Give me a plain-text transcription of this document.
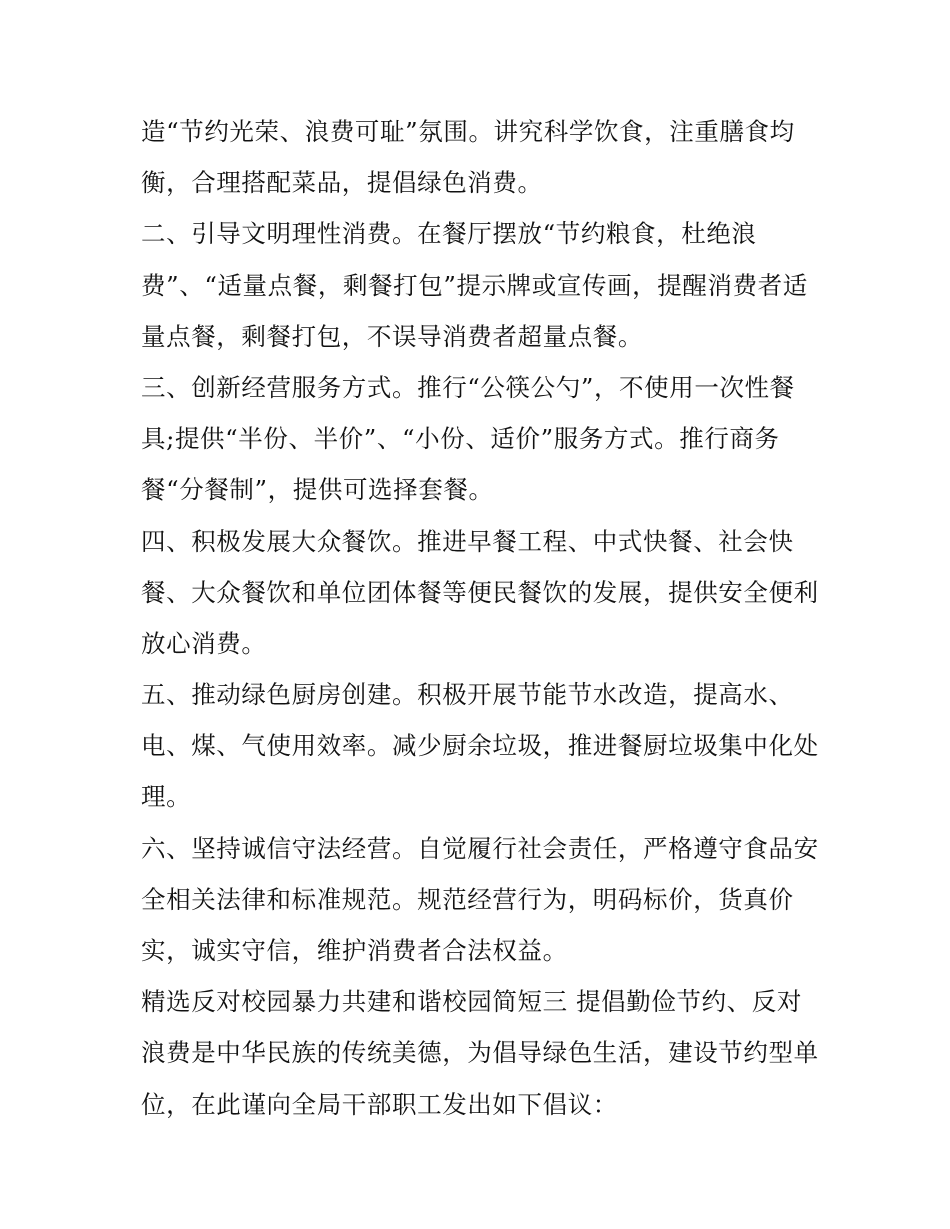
造“节约光荣、浪费可耻”氛围。讲究科学饮食，注重膳食均
衡，合理搭配菜品，提倡绿色消费。
二、引导文明理性消费。在餐厅摆放“节约粮食，杜绝浪
费”、“适量点餐，剩餐打包”提示牌或宣传画，提醒消费者适
量点餐，剩餐打包，不误导消费者超量点餐。
三、创新经营服务方式。推行“公筷公勺”，不使用一次性餐
具;提供“半份、半价”、“小份、适价”服务方式。推行商务
餐“分餐制”，提供可选择套餐。
四、积极发展大众餐饮。推进早餐工程、中式快餐、社会快
餐、大众餐饮和单位团体餐等便民餐饮的发展，提供安全便利
放心消费。
五、推动绿色厨房创建。积极开展节能节水改造，提高水、
电、煤、气使用效率。减少厨余垃圾，推进餐厨垃圾集中化处
理。
六、坚持诚信守法经营。自觉履行社会责任，严格遵守食品安
全相关法律和标准规范。规范经营行为，明码标价，货真价
实，诚实守信，维护消费者合法权益。
精选反对校园暴力共建和谐校园简短三 提倡勤俭节约、反对
浪费是中华民族的传统美德，为倡导绿色生活，建设节约型单
位，在此谨向全局干部职工发出如下倡议：
